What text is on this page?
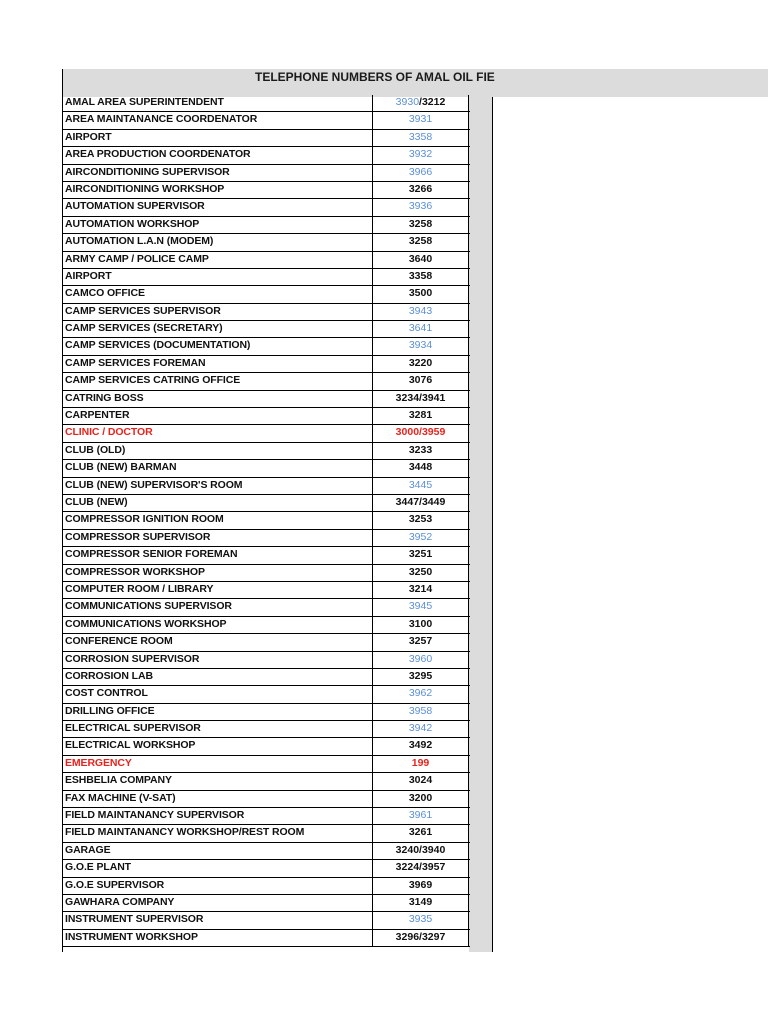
TELEPHONE NUMBERS OF AMAL OIL FIE
AMAL AREA SUPERINTENDENT	3930/3212
AREA MAINTANANCE COORDENATOR	3931
AIRPORT	3358
AREA PRODUCTION COORDENATOR	3932
AIRCONDITIONING SUPERVISOR	3966
AIRCONDITIONING WORKSHOP	3266
AUTOMATION SUPERVISOR	3936
AUTOMATION WORKSHOP	3258
AUTOMATION L.A.N (MODEM)	3258
ARMY CAMP / POLICE CAMP	3640
AIRPORT	3358
CAMCO OFFICE	3500
CAMP SERVICES SUPERVISOR	3943
CAMP SERVICES (SECRETARY)	3641
CAMP SERVICES (DOCUMENTATION)	3934
CAMP SERVICES FOREMAN	3220
CAMP SERVICES CATRING OFFICE	3076
CATRING BOSS	3234/3941
CARPENTER	3281
CLINIC / DOCTOR	3000/3959
CLUB (OLD)	3233
CLUB (NEW) BARMAN	3448
CLUB (NEW) SUPERVISOR'S ROOM	3445
CLUB (NEW)	3447/3449
COMPRESSOR IGNITION ROOM	3253
COMPRESSOR SUPERVISOR	3952
COMPRESSOR SENIOR FOREMAN	3251
COMPRESSOR WORKSHOP	3250
COMPUTER ROOM / LIBRARY	3214
COMMUNICATIONS SUPERVISOR	3945
COMMUNICATIONS WORKSHOP	3100
CONFERENCE ROOM	3257
CORROSION SUPERVISOR	3960
CORROSION LAB	3295
COST CONTROL	3962
DRILLING OFFICE	3958
ELECTRICAL SUPERVISOR	3942
ELECTRICAL WORKSHOP	3492
EMERGENCY	199
ESHBELIA COMPANY	3024
FAX MACHINE (V-SAT)	3200
FIELD MAINTANANCY SUPERVISOR	3961
FIELD MAINTANANCY WORKSHOP/REST ROOM	3261
GARAGE	3240/3940
G.O.E PLANT	3224/3957
G.O.E SUPERVISOR	3969
GAWHARA COMPANY	3149
INSTRUMENT SUPERVISOR	3935
INSTRUMENT WORKSHOP	3296/3297
